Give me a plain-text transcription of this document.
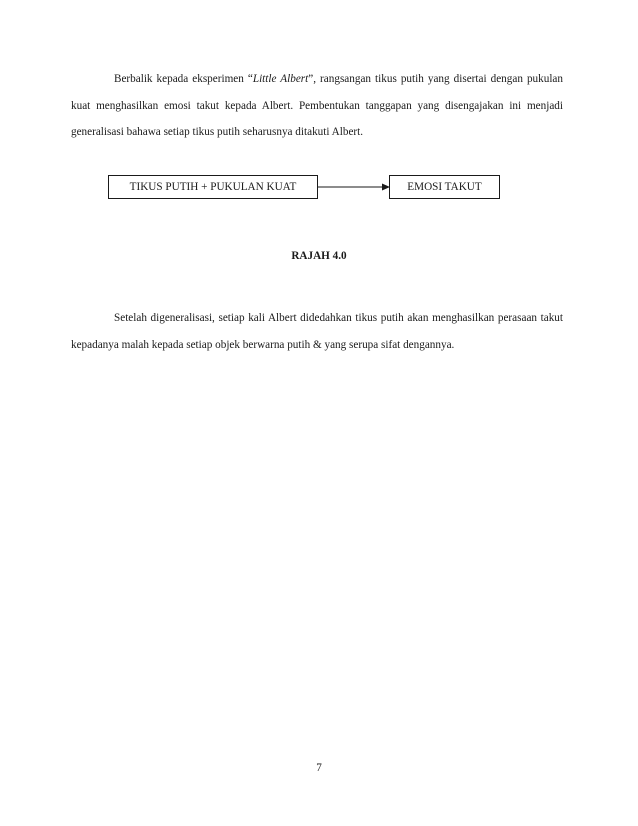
Berbalik kepada eksperimen “Little Albert”, rangsangan tikus putih yang disertai dengan pukulan kuat menghasilkan emosi takut kepada Albert. Pembentukan tanggapan yang disengajakan ini menjadi generalisasi bahawa setiap tikus putih seharusnya ditakuti Albert.

TIKUS PUTIH + PUKULAN KUAT	EMOSI TAKUT
RAJAH 4.0

Setelah digeneralisasi, setiap kali Albert didedahkan tikus putih akan menghasilkan perasaan takut kepadanya malah kepada setiap objek berwarna putih & yang serupa sifat dengannya.

7
